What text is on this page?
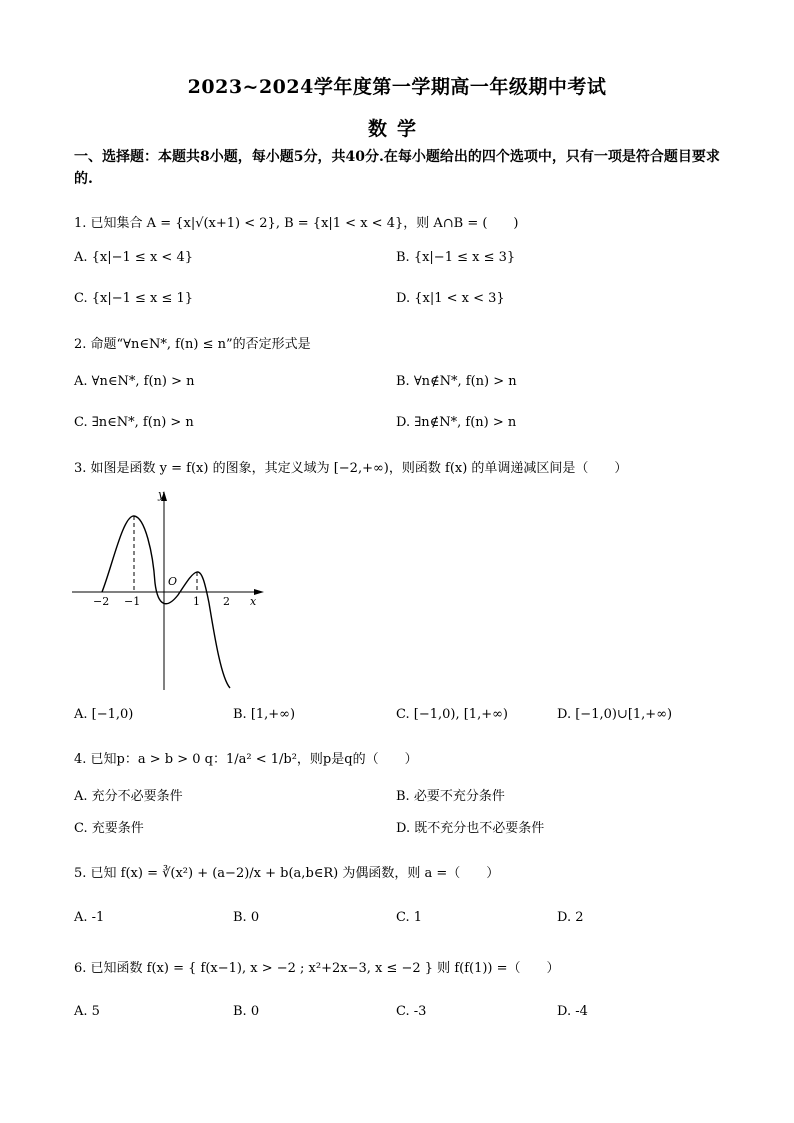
2023~2024学年度第一学期高一年级期中考试
数学
一、选择题：本题共8小题，每小题5分，共40分.在每小题给出的四个选项中，只有一项是符合题目要求的.
1. 已知集合 A = {x|√(x+1) < 2}, B = {x|1 < x < 4}，则 A∩B = (　　)
A. {x|−1 ≤ x < 4}	B. {x|−1 ≤ x ≤ 3}
C. {x|−1 ≤ x ≤ 1}	D. {x|1 < x < 3}
2. 命题“∀n∈N*, f(n) ≤ n”的否定形式是
A. ∀n∈N*, f(n) > n	B. ∀n∉N*, f(n) > n
C. ∃n∈N*, f(n) > n	D. ∃n∉N*, f(n) > n
3. 如图是函数 y = f(x) 的图象，其定义域为 [−2,+∞)，则函数 f(x) 的单调递减区间是（　　）
y
x
O
−2 −1	1 2
A. [−1,0)	B. [1,+∞)	C. [−1,0), [1,+∞)	D. [−1,0)∪[1,+∞)
4. 已知p：a > b > 0 q：1/a² < 1/b²，则p是q的（　　）
A. 充分不必要条件	B. 必要不充分条件
C. 充要条件	D. 既不充分也不必要条件
5. 已知 f(x) = ∛(x²) + (a−2)/x + b(a,b∈R) 为偶函数，则 a =（　　）
A. -1	B. 0	C. 1	D. 2
6. 已知函数 f(x) = { f(x−1), x > −2 ; x²+2x−3, x ≤ −2 } 则 f(f(1)) =（　　）
A. 5	B. 0	C. -3	D. -4
